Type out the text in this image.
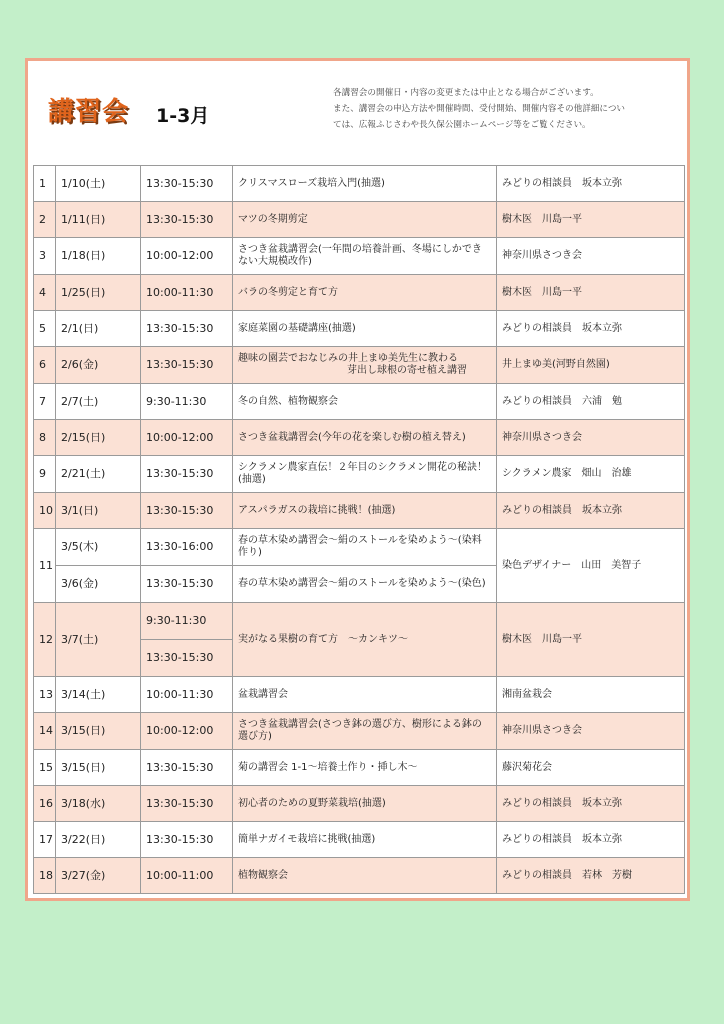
講習会 1-3月
各講習会の開催日・内容の変更または中止となる場合がございます。
また、講習会の申込方法や開催時間、受付開始、開催内容その他詳細につい
ては、広報ふじさわや長久保公園ホームページ等をご覧ください。
1	1/10(土)	13:30-15:30	クリスマスローズ栽培入門(抽選)	みどりの相談員　坂本立弥
2	1/11(日)	13:30-15:30	マツの冬期剪定	樹木医　川島一平
3	1/18(日)	10:00-12:00	さつき盆栽講習会(一年間の培養計画、冬場にしかできない大規模改作)	神奈川県さつき会
4	1/25(日)	10:00-11:30	バラの冬剪定と育て方	樹木医　川島一平
5	2/1(日)	13:30-15:30	家庭菜園の基礎講座(抽選)	みどりの相談員　坂本立弥
6	2/6(金)	13:30-15:30	趣味の園芸でおなじみの井上まゆ美先生に教わる
芽出し球根の寄せ植え講習	井上まゆ美(河野自然園)
7	2/7(土)	9:30-11:30	冬の自然、植物観察会	みどりの相談員　六浦　勉
8	2/15(日)	10:00-12:00	さつき盆栽講習会(今年の花を楽しむ樹の植え替え)	神奈川県さつき会
9	2/21(土)	13:30-15:30	シクラメン農家直伝！２年目のシクラメン開花の秘訣！(抽選)	シクラメン農家　畑山　治雄
10	3/1(日)	13:30-15:30	アスパラガスの栽培に挑戦！(抽選)	みどりの相談員　坂本立弥
11	3/5(木)	13:30-16:00	春の草木染め講習会～絹のストールを染めよう～(染料作り)	染色デザイナー　山田　美智子
	3/6(金)	13:30-15:30	春の草木染め講習会～絹のストールを染めよう～(染色)	
12	3/7(土)	9:30-11:30	実がなる果樹の育て方　～カンキツ～	樹木医　川島一平
		13:30-15:30		
13	3/14(土)	10:00-11:30	盆栽講習会	湘南盆栽会
14	3/15(日)	10:00-12:00	さつき盆栽講習会(さつき鉢の選び方、樹形による鉢の選び方)	神奈川県さつき会
15	3/15(日)	13:30-15:30	菊の講習会 1-1～培養土作り・挿し木～	藤沢菊花会
16	3/18(水)	13:30-15:30	初心者のための夏野菜栽培(抽選)	みどりの相談員　坂本立弥
17	3/22(日)	13:30-15:30	簡単ナガイモ栽培に挑戦(抽選)	みどりの相談員　坂本立弥
18	3/27(金)	10:00-11:00	植物観察会	みどりの相談員　若林　芳樹
